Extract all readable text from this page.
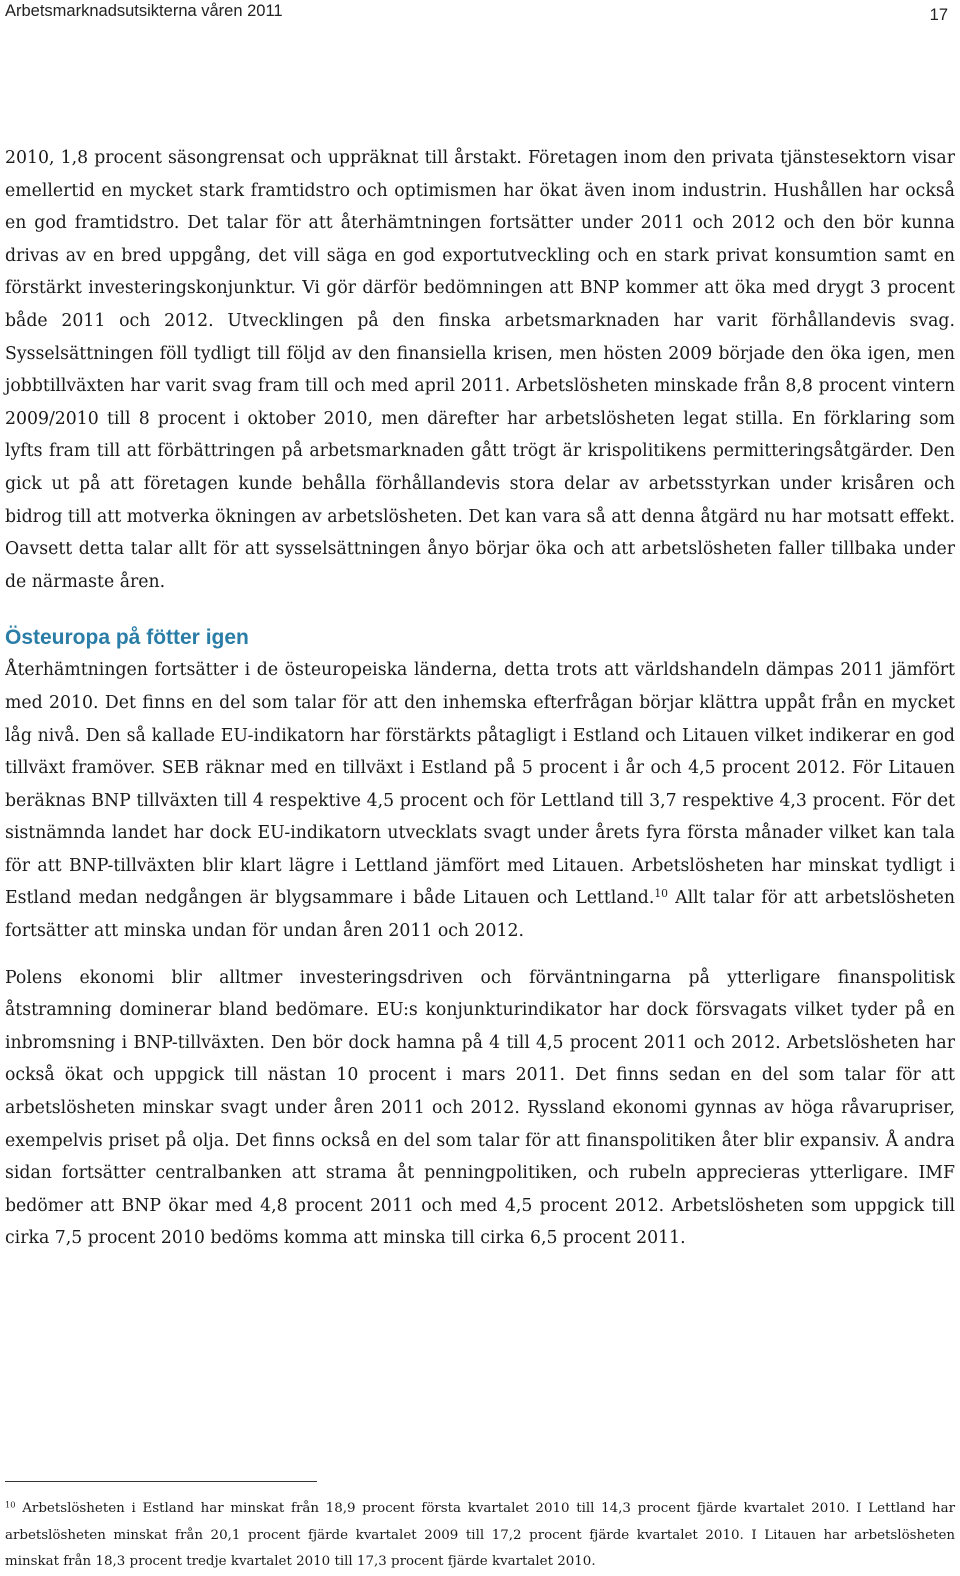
Arbetsmarknadsutsikterna våren 2011	17

2010, 1,8 procent säsongrensat och uppräknat till årstakt. Företagen inom den privata tjänstesektorn visar emellertid en mycket stark framtidstro och optimismen har ökat även inom industrin. Hushållen har också en god framtidstro. Det talar för att återhämtningen fortsätter under 2011 och 2012 och den bör kunna drivas av en bred uppgång, det vill säga en god exportutveckling och en stark privat konsumtion samt en förstärkt investeringskonjunktur. Vi gör därför bedömningen att BNP kommer att öka med drygt 3 procent både 2011 och 2012. Utvecklingen på den finska arbetsmarknaden har varit förhållandevis svag. Sysselsättningen föll tydligt till följd av den finansiella krisen, men hösten 2009 började den öka igen, men jobbtillväxten har varit svag fram till och med april 2011. Arbetslösheten minskade från 8,8 procent vintern 2009/2010 till 8 procent i oktober 2010, men därefter har arbetslösheten legat stilla. En förklaring som lyfts fram till att förbättringen på arbetsmarknaden gått trögt är krispolitikens permitteringsåtgärder. Den gick ut på att företagen kunde behålla förhållandevis stora delar av arbetsstyrkan under krisåren och bidrog till att motverka ökningen av arbetslösheten. Det kan vara så att denna åtgärd nu har motsatt effekt. Oavsett detta talar allt för att sysselsättningen ånyo börjar öka och att arbetslösheten faller tillbaka under de närmaste åren.

Östeuropa på fötter igen

Återhämtningen fortsätter i de östeuropeiska länderna, detta trots att världshandeln dämpas 2011 jämfört med 2010. Det finns en del som talar för att den inhemska efterfrågan börjar klättra uppåt från en mycket låg nivå. Den så kallade EU-indikatorn har förstärkts påtagligt i Estland och Litauen vilket indikerar en god tillväxt framöver. SEB räknar med en tillväxt i Estland på 5 procent i år och 4,5 procent 2012. För Litauen beräknas BNP tillväxten till 4 respektive 4,5 procent och för Lettland till 3,7 respektive 4,3 procent. För det sistnämnda landet har dock EU-indikatorn utvecklats svagt under årets fyra första månader vilket kan tala för att BNP-tillväxten blir klart lägre i Lettland jämfört med Litauen. Arbetslösheten har minskat tydligt i Estland medan nedgången är blygsammare i både Litauen och Lettland.$^{10}$ Allt talar för att arbetslösheten fortsätter att minska undan för undan åren 2011 och 2012.

Polens ekonomi blir alltmer investeringsdriven och förväntningarna på ytterligare finanspolitisk åtstramning dominerar bland bedömare. EU:s konjunkturindikator har dock försvagats vilket tyder på en inbromsning i BNP-tillväxten. Den bör dock hamna på 4 till 4,5 procent 2011 och 2012. Arbetslösheten har också ökat och uppgick till nästan 10 procent i mars 2011. Det finns sedan en del som talar för att arbetslösheten minskar svagt under åren 2011 och 2012. Ryssland ekonomi gynnas av höga råvarupriser, exempelvis priset på olja. Det finns också en del som talar för att finanspolitiken åter blir expansiv. Å andra sidan fortsätter centralbanken att strama åt penningpolitiken, och rubeln apprecieras ytterligare. IMF bedömer att BNP ökar med 4,8 procent 2011 och med 4,5 procent 2012. Arbetslösheten som uppgick till cirka 7,5 procent 2010 bedöms komma att minska till cirka 6,5 procent 2011.

$^{10}$ Arbetslösheten i Estland har minskat från 18,9 procent första kvartalet 2010 till 14,3 procent fjärde kvartalet 2010. I Lettland har arbetslösheten minskat från 20,1 procent fjärde kvartalet 2009 till 17,2 procent fjärde kvartalet 2010. I Litauen har arbetslösheten minskat från 18,3 procent tredje kvartalet 2010 till 17,3 procent fjärde kvartalet 2010.
